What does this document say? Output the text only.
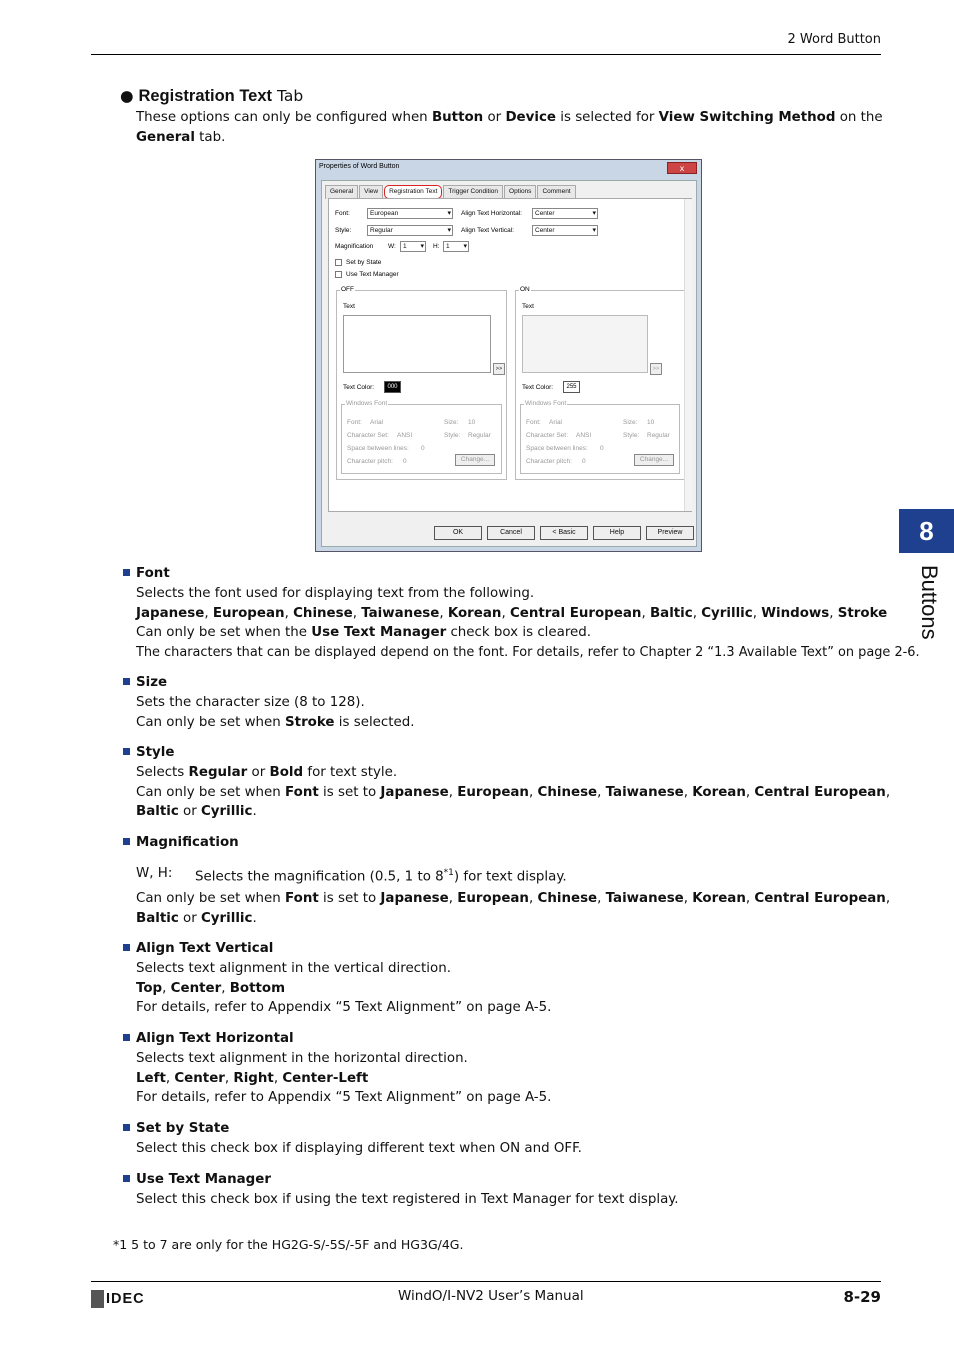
2 Word Button
● Registration Text Tab
These options can only be configured when Button or Device is selected for View Switching Method on the
General tab.
Properties of Word Button	x
General	View	Registration Text	Trigger Condition	Options	Comment
Font:	European ▾	Align Text Horizontal:	Center ▾
Style:	Regular ▾	Align Text Vertical:	Center ▾
Magnification W:	1 ▾	H:	1 ▾
Set by State
Use Text Manager
OFF
Text
>>
Text Color:	000
Windows Font
Font: Arial	Size: 10
Character Set: ANSI	Style: Regular
Space between lines: 0
Character pitch: 0	Change...
ON
Text
>>
Text Color:	255
Windows Font
Font: Arial	Size: 10
Character Set: ANSI	Style: Regular
Space between lines: 0
Character pitch: 0	Change...
OK	Cancel	< Basic	Help	Preview
Font
Selects the font used for displaying text from the following.
Japanese, European, Chinese, Taiwanese, Korean, Central European, Baltic, Cyrillic, Windows, Stroke
Can only be set when the Use Text Manager check box is cleared.
The characters that can be displayed depend on the font. For details, refer to Chapter 2 “1.3 Available Text” on page 2-6.
Size
Sets the character size (8 to 128).
Can only be set when Stroke is selected.
Style
Selects Regular or Bold for text style.
Can only be set when Font is set to Japanese, European, Chinese, Taiwanese, Korean, Central European,
Baltic or Cyrillic.
Magnification
W, H: Selects the magnification (0.5, 1 to 8$^{*1}$) for text display.
Can only be set when Font is set to Japanese, European, Chinese, Taiwanese, Korean, Central European,
Baltic or Cyrillic.
Align Text Vertical
Selects text alignment in the vertical direction.
Top, Center, Bottom
For details, refer to Appendix “5 Text Alignment” on page A-5.
Align Text Horizontal
Selects text alignment in the horizontal direction.
Left, Center, Right, Center-Left
For details, refer to Appendix “5 Text Alignment” on page A-5.
Set by State
Select this check box if displaying different text when ON and OFF.
Use Text Manager
Select this check box if using the text registered in Text Manager for text display.
*1 5 to 7 are only for the HG2G-S/-5S/-5F and HG3G/4G.
8
Buttons
IDEC	WindO/I-NV2 User’s Manual	8-29
